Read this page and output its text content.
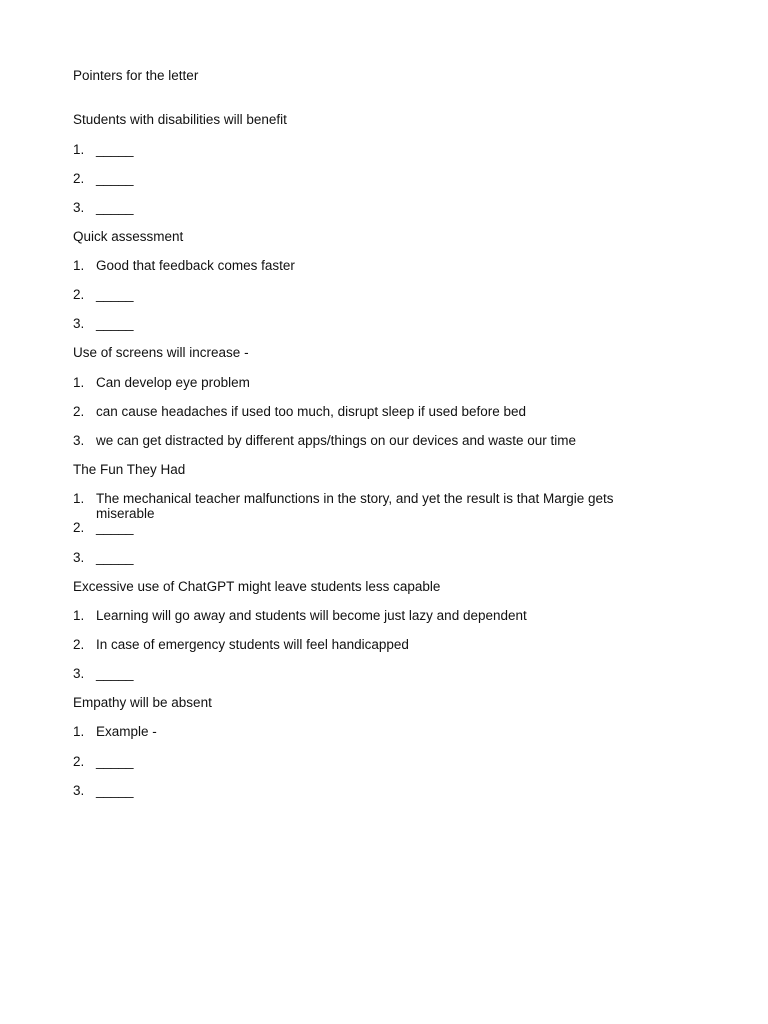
Pointers for the letter
Students with disabilities will benefit
1. _____
2. _____
3. _____
Quick assessment
1. Good that feedback comes faster
2. _____
3. _____
Use of screens will increase -
1. Can develop eye problem
2. can cause headaches if used too much, disrupt sleep if used before bed
3. we can get distracted by different apps/things on our devices and waste our time
The Fun They Had
1. The mechanical teacher malfunctions in the story, and yet the result is that Margie gets miserable
2. _____
3. _____
Excessive use of ChatGPT might leave students less capable
1. Learning will go away and students will become just lazy and dependent
2. In case of emergency students will feel handicapped
3. _____
Empathy will be absent
1. Example -
2. _____
3. _____
